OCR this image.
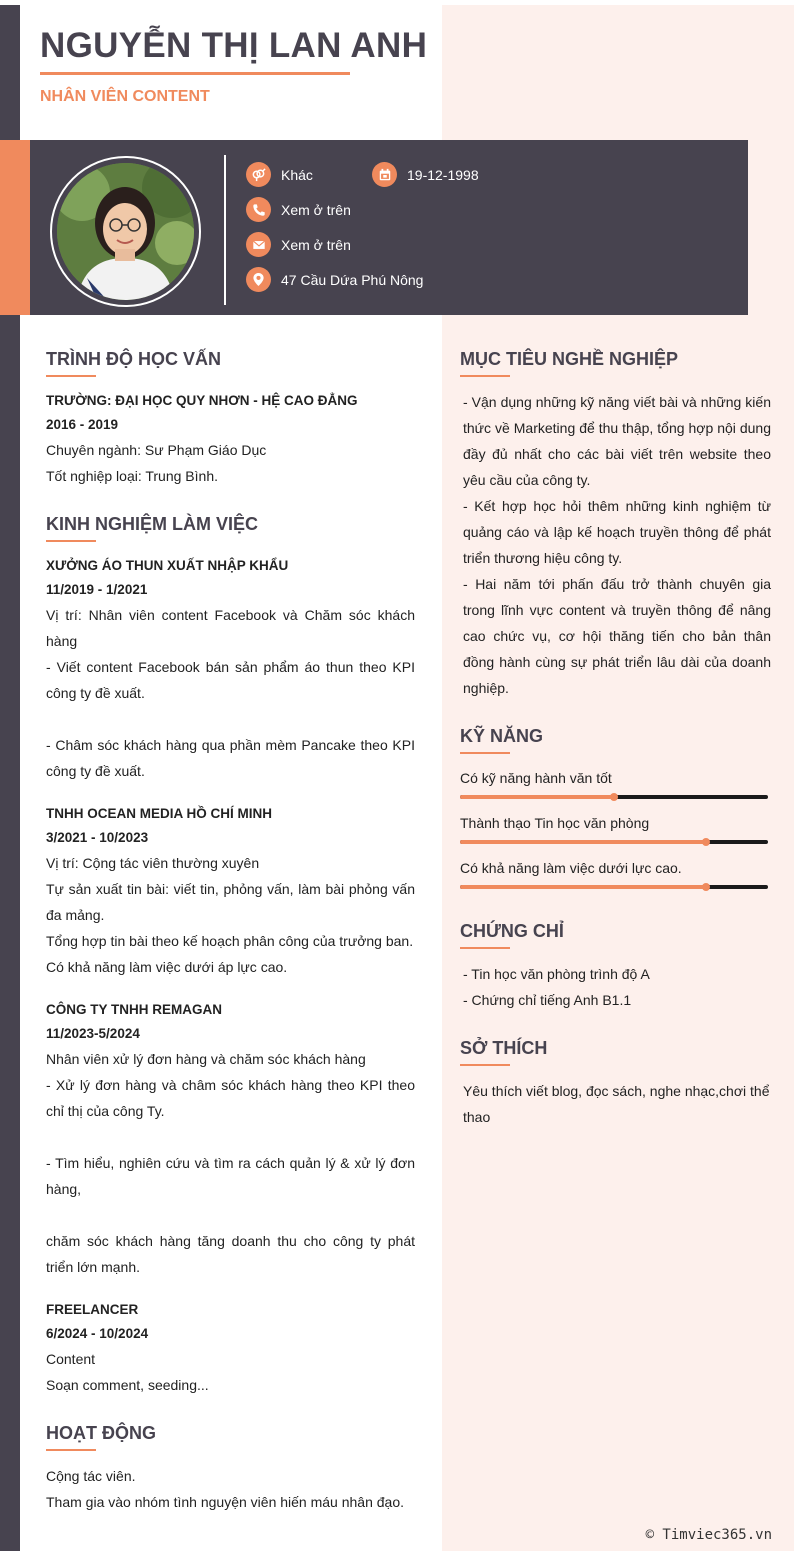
NGUYỄN THỊ LAN ANH
NHÂN VIÊN CONTENT
Khác	19-12-1998
Xem ở trên
Xem ở trên
47 Cầu Dứa Phú Nông
TRÌNH ĐỘ HỌC VẤN
TRƯỜNG: ĐẠI HỌC QUY NHƠN - HỆ CAO ĐẲNG
2016 - 2019
Chuyên ngành: Sư Phạm Giáo Dục
Tốt nghiệp loại: Trung Bình.
KINH NGHIỆM LÀM VIỆC
XƯỞNG ÁO THUN XUẤT NHẬP KHẨU
11/2019 - 1/2021
Vị trí: Nhân viên content Facebook và Chăm sóc khách hàng
- Viết content Facebook bán sản phẩm áo thun theo KPI công ty đề xuất.
- Châm sóc khách hàng qua phần mèm Pancake theo KPI công ty đề xuất.
TNHH OCEAN MEDIA HỒ CHÍ MINH
3/2021 - 10/2023
Vị trí: Cộng tác viên thường xuyên
Tự sản xuất tin bài: viết tin, phỏng vấn, làm bài phỏng vấn đa mảng.
Tổng hợp tin bài theo kế hoạch phân công của trưởng ban.
Có khả năng làm việc dưới áp lực cao.
CÔNG TY TNHH REMAGAN
11/2023-5/2024
Nhân viên xử lý đơn hàng và chăm sóc khách hàng
- Xử lý đơn hàng và châm sóc khách hàng theo KPI theo chỉ thị của công Ty.
- Tìm hiểu, nghiên cứu và tìm ra cách quản lý & xử lý đơn hàng,
chăm sóc khách hàng tăng doanh thu cho công ty phát triển lớn mạnh.
FREELANCER
6/2024 - 10/2024
Content
Soạn comment, seeding...
HOẠT ĐỘNG
Cộng tác viên.
Tham gia vào nhóm tình nguyện viên hiến máu nhân đạo.
MỤC TIÊU NGHỀ NGHIỆP
- Vận dụng những kỹ năng viết bài và những kiến thức về Marketing để thu thập, tổng hợp nội dung đầy đủ nhất cho các bài viết trên website theo yêu cầu của công ty.
- Kết hợp học hỏi thêm những kinh nghiệm từ quảng cáo và lập kế hoạch truyền thông để phát triển thương hiệu công ty.
- Hai năm tới phấn đấu trở thành chuyên gia trong lĩnh vực content và truyền thông để nâng cao chức vụ, cơ hội thăng tiến cho bản thân đồng hành cùng sự phát triển lâu dài của doanh nghiệp.
KỸ NĂNG
Có kỹ năng hành văn tốt
Thành thạo Tin học văn phòng
Có khả năng làm việc dưới lực cao.
CHỨNG CHỈ
- Tin học văn phòng trình độ A
- Chứng chỉ tiếng Anh B1.1
SỞ THÍCH
Yêu thích viết blog, đọc sách, nghe nhạc,chơi thể thao
© Timviec365.vn
